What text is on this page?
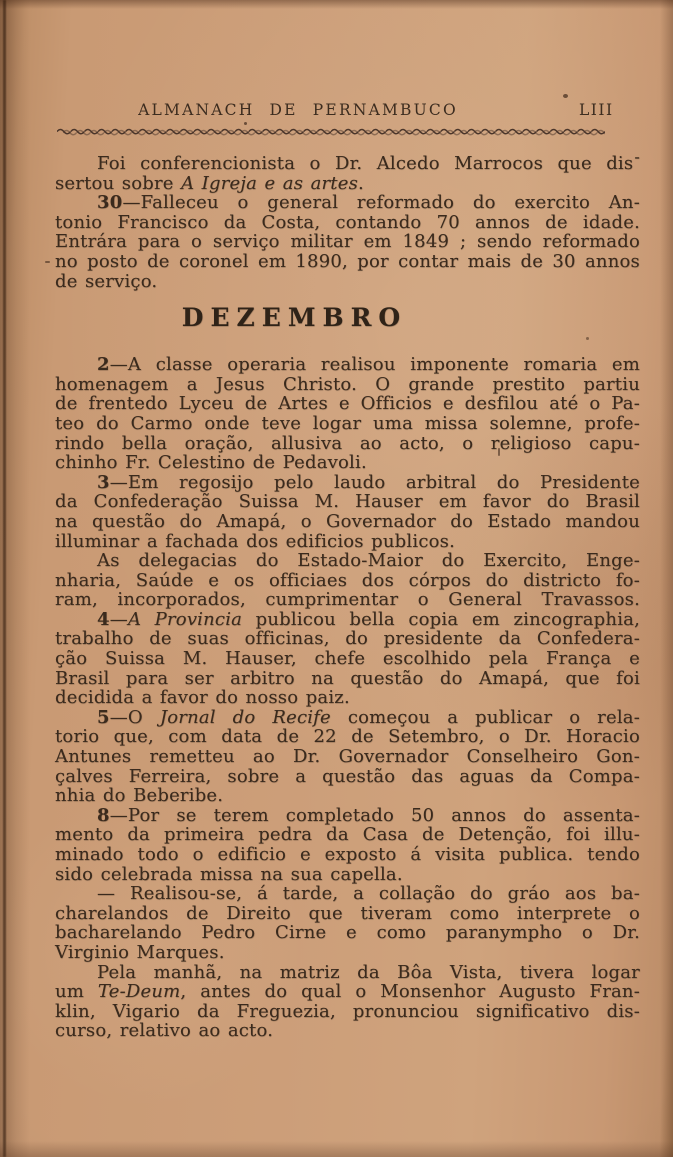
ALMANACH DE PERNAMBUCO	LIII
Foi conferencionista o Dr. Alcedo Marrocos que dis-
sertou sobre A Igreja e as artes.
30—Falleceu o general reformado do exercito An-
tonio Francisco da Costa, contando 70 annos de idade.
Entrára para o serviço militar em 1849 ; sendo reformado
no posto de coronel em 1890, por contar mais de 30 annos
de serviço.
DEZEMBRO
2—A classe operaria realisou imponente romaria em
homenagem a Jesus Christo. O grande prestito partiu
de frentedo Lyceu de Artes e Officios e desfilou até o Pa-
teo do Carmo onde teve logar uma missa solemne, profe-
rindo bella oração, allusiva ao acto, o religioso capu-
chinho Fr. Celestino de Pedavoli.
3—Em regosijo pelo laudo arbitral do Presidente
da Confederação Suissa M. Hauser em favor do Brasil
na questão do Amapá, o Governador do Estado mandou
illuminar a fachada dos edificios publicos.
As delegacias do Estado-Maior do Exercito, Enge-
nharia, Saúde e os officiaes dos córpos do districto fo-
ram, incorporados, cumprimentar o General Travassos.
4—A Provincia publicou bella copia em zincographia,
trabalho de suas officinas, do presidente da Confedera-
ção Suissa M. Hauser, chefe escolhido pela França e
Brasil para ser arbitro na questão do Amapá, que foi
decidida a favor do nosso paiz.
5—O Jornal do Recife começou a publicar o rela-
torio que, com data de 22 de Setembro, o Dr. Horacio
Antunes remetteu ao Dr. Governador Conselheiro Gon-
çalves Ferreira, sobre a questão das aguas da Compa-
nhia do Beberibe.
8—Por se terem completado 50 annos do assenta-
mento da primeira pedra da Casa de Detenção, foi illu-
minado todo o edificio e exposto á visita publica. tendo
sido celebrada missa na sua capella.
— Realisou-se, á tarde, a collação do gráo aos ba-
charelandos de Direito que tiveram como interprete o
bacharelando Pedro Cirne e como paranympho o Dr.
Virginio Marques.
Pela manhã, na matriz da Bôa Vista, tivera logar
um Te-Deum, antes do qual o Monsenhor Augusto Fran-
klin, Vigario da Freguezia, pronunciou significativo dis-
curso, relativo ao acto.
